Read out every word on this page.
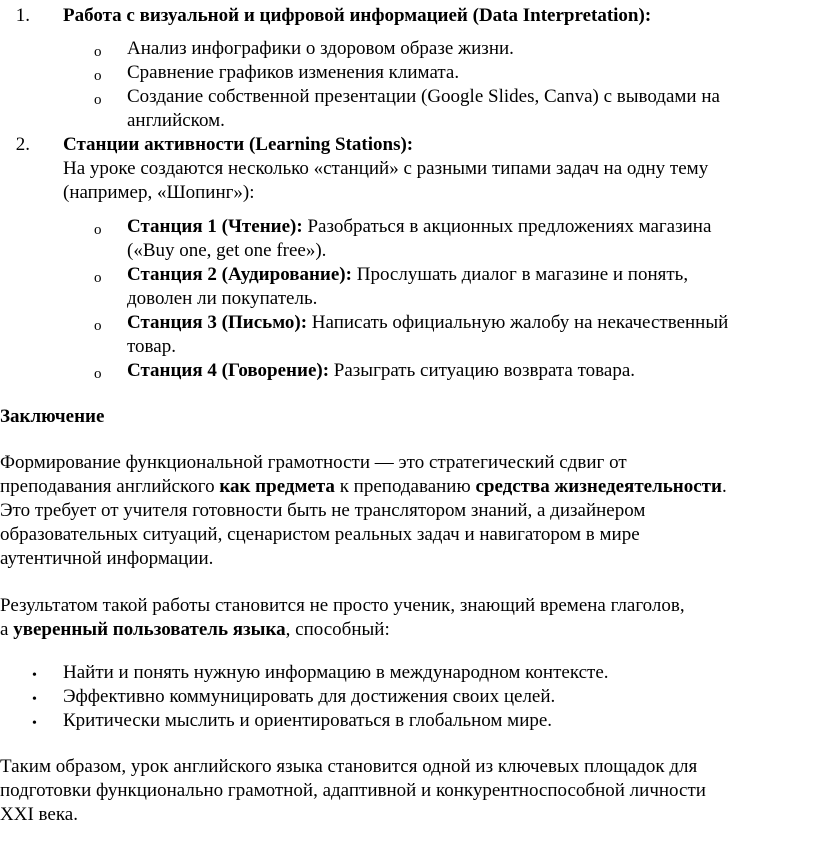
1. Работа с визуальной и цифровой информацией (Data Interpretation):
o Анализ инфографики о здоровом образе жизни.
o Сравнение графиков изменения климата.
o Создание собственной презентации (Google Slides, Canva) с выводами на
английском.
2. Станции активности (Learning Stations):
На уроке создаются несколько «станций» с разными типами задач на одну тему
(например, «Шопинг»):
o Станция 1 (Чтение): Разобраться в акционных предложениях магазина
(«Buy one, get one free»).
o Станция 2 (Аудирование): Прослушать диалог в магазине и понять,
доволен ли покупатель.
o Станция 3 (Письмо): Написать официальную жалобу на некачественный
товар.
o Станция 4 (Говорение): Разыграть ситуацию возврата товара.
Заключение
Формирование функциональной грамотности — это стратегический сдвиг от
преподавания английского как предмета к преподаванию средства жизнедеятельности.
Это требует от учителя готовности быть не транслятором знаний, а дизайнером
образовательных ситуаций, сценаристом реальных задач и навигатором в мире
аутентичной информации.
Результатом такой работы становится не просто ученик, знающий времена глаголов,
а уверенный пользователь языка, способный:
• Найти и понять нужную информацию в международном контексте.
• Эффективно коммуницировать для достижения своих целей.
• Критически мыслить и ориентироваться в глобальном мире.
Таким образом, урок английского языка становится одной из ключевых площадок для
подготовки функционально грамотной, адаптивной и конкурентноспособной личности
XXI века.
